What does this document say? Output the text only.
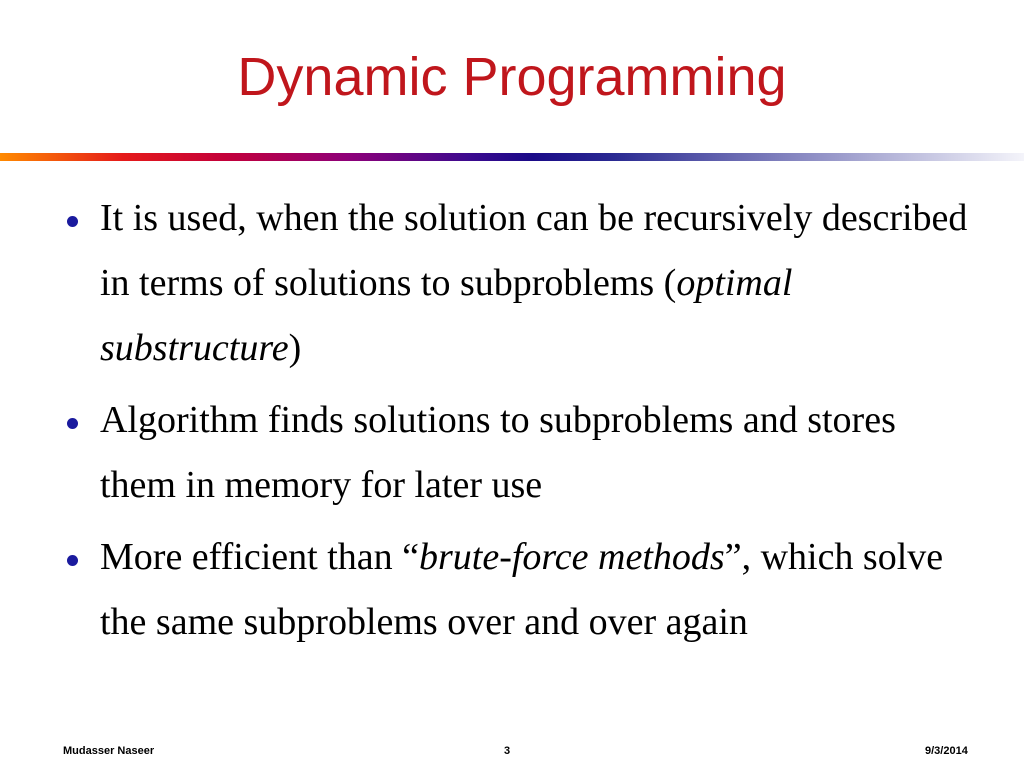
Dynamic Programming
It is used, when the solution can be recursively described in terms of solutions to subproblems (optimal substructure)
Algorithm finds solutions to subproblems and stores them in memory for later use
More efficient than “brute-force methods”, which solve the same subproblems over and over again
Mudasser Naseer	3	9/3/2014
